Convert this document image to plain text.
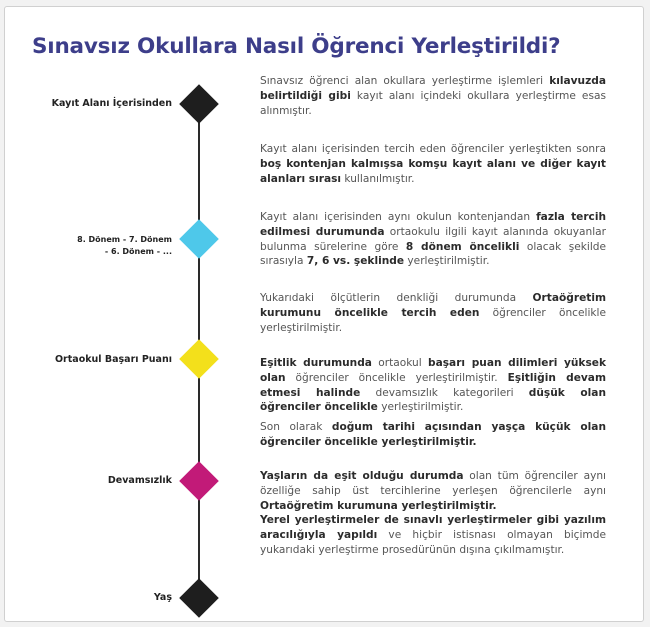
Sınavsız Okullara Nasıl Öğrenci Yerleştirildi?
Kayıt Alanı İçerisinden
8. Dönem - 7. Dönem
- 6. Dönem - ...
Ortaokul Başarı Puanı
Devamsızlık
Yaş
Sınavsız öğrenci alan okullara yerleştirme işlemleri kılavuzda belirtildiği gibi kayıt alanı içindeki okullara yerleştirme esas alınmıştır.
Kayıt alanı içerisinden tercih eden öğrenciler yerleştikten sonra boş kontenjan kalmışsa komşu kayıt alanı ve diğer kayıt alanları sırası kullanılmıştır.
Kayıt alanı içerisinden aynı okulun kontenjandan fazla tercih edilmesi durumunda ortaokulu ilgili kayıt alanında okuyanlar bulunma sürelerine göre 8 dönem öncelikli olacak şekilde sırasıyla 7, 6 vs. şeklinde yerleştirilmiştir.
Yukarıdaki ölçütlerin denkliği durumunda Ortaöğretim kurumunu öncelikle tercih eden öğrenciler öncelikle yerleştirilmiştir.
Eşitlik durumunda ortaokul başarı puan dilimleri yüksek olan öğrenciler öncelikle yerleştirilmiştir. Eşitliğin devam etmesi halinde devamsızlık kategorileri düşük olan öğrenciler öncelikle yerleştirilmiştir.
Son olarak doğum tarihi açısından yaşça küçük olan öğrenciler öncelikle yerleştirilmiştir.
Yaşların da eşit olduğu durumda olan tüm öğrenciler aynı özelliğe sahip üst tercihlerine yerleşen öğrencilerle aynı Ortaöğretim kurumuna yerleştirilmiştir.
Yerel yerleştirmeler de sınavlı yerleştirmeler gibi yazılım aracılığıyla yapıldı ve hiçbir istisnası olmayan biçimde yukarıdaki yerleştirme prosedürünün dışına çıkılmamıştır.
